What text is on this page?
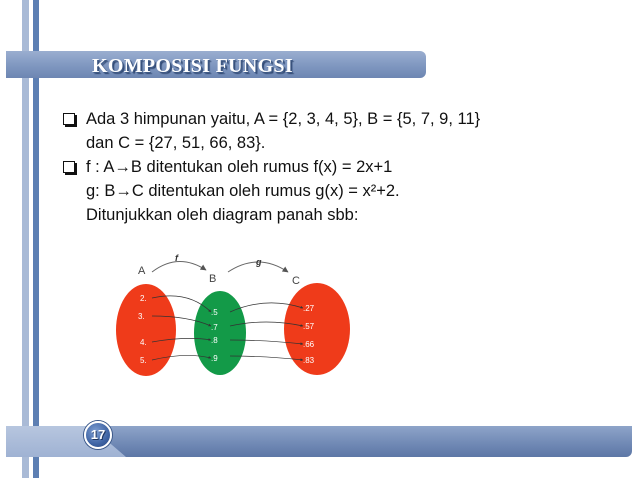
KOMPOSISI FUNGSI
Ada 3 himpunan yaitu, A = {2, 3, 4, 5}, B = {5, 7, 9, 11}
dan C = {27, 51, 66, 83}.
f : A→B ditentukan oleh rumus f(x) = 2x+1
g: B→C ditentukan oleh rumus g(x) = x²+2.
Ditunjukkan oleh diagram panah sbb:
f	g
A
B	C
2.
3.
4.
5.
.5
.7
.8
.9
.27
.57
.66
.83
17
